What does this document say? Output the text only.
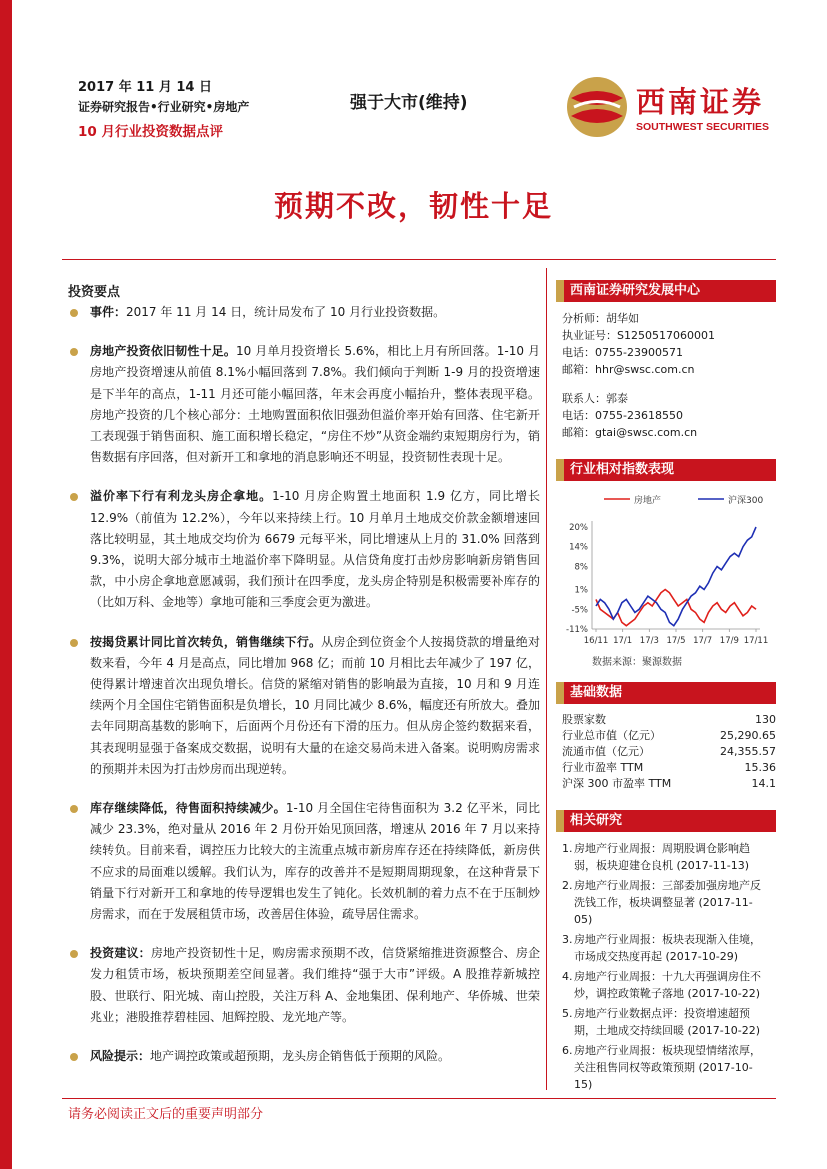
2017 年 11 月 14 日
证券研究报告•行业研究•房地产
10 月行业投资数据点评
强于大市(维持)	西南证券
SOUTHWEST SECURITIES
预期不改，韧性十足
投资要点
事件：2017 年 11 月 14 日，统计局发布了 10 月行业投资数据。
房地产投资依旧韧性十足。10 月单月投资增长 5.6%，相比上月有所回落。1-10 月房地产投资增速从前值 8.1%小幅回落到 7.8%。我们倾向于判断 1-9 月的投资增速是下半年的高点，1-11 月还可能小幅回落，年末会再度小幅抬升，整体表现平稳。房地产投资的几个核心部分：土地购置面积依旧强劲但溢价率开始有回落、住宅新开工表现强于销售面积、施工面积增长稳定，“房住不炒”从资金端约束短期房行为，销售数据有序回落，但对新开工和拿地的消息影响还不明显，投资韧性表现十足。
溢价率下行有利龙头房企拿地。1-10 月房企购置土地面积 1.9 亿方，同比增长 12.9%（前值为 12.2%），今年以来持续上行。10 月单月土地成交价款金额增速回落比较明显，其土地成交均价为 6679 元每平米，同比增速从上月的 31.0% 回落到 9.3%，说明大部分城市土地溢价率下降明显。从信贷角度打击炒房影响新房销售回款，中小房企拿地意愿减弱，我们预计在四季度，龙头房企特别是积极需要补库存的（比如万科、金地等）拿地可能和三季度会更为激进。
按揭贷累计同比首次转负，销售继续下行。从房企到位资金个人按揭贷款的增量绝对数来看，今年 4 月是高点，同比增加 968 亿；而前 10 月相比去年减少了 197 亿，使得累计增速首次出现负增长。信贷的紧缩对销售的影响最为直接，10 月和 9 月连续两个月全国住宅销售面积是负增长，10 月同比减少 8.6%，幅度还有所放大。叠加去年同期高基数的影响下，后面两个月份还有下滑的压力。但从房企签约数据来看，其表现明显强于备案成交数据，说明有大量的在途交易尚未进入备案。说明购房需求的预期并未因为打击炒房而出现逆转。
库存继续降低，待售面积持续减少。1-10 月全国住宅待售面积为 3.2 亿平米，同比减少 23.3%，绝对量从 2016 年 2 月份开始见顶回落，增速从 2016 年 7 月以来持续转负。目前来看，调控压力比较大的主流重点城市新房库存还在持续降低，新房供不应求的局面难以缓解。我们认为，库存的改善并不是短期周期现象，在这种背景下销量下行对新开工和拿地的传导逻辑也发生了钝化。长效机制的着力点不在于压制炒房需求，而在于发展租赁市场，改善居住体验，疏导居住需求。
投资建议：房地产投资韧性十足，购房需求预期不改，信贷紧缩推进资源整合、房企发力租赁市场，板块预期差空间显著。我们维持“强于大市”评级。A 股推荐新城控股、世联行、阳光城、南山控股，关注万科 A、金地集团、保利地产、华侨城、世荣兆业；港股推荐碧桂园、旭辉控股、龙光地产等。
风险提示：地产调控政策或超预期，龙头房企销售低于预期的风险。
西南证券研究发展中心
分析师：胡华如
执业证号：S1250517060001
电话：0755-23900571
邮箱：hhr@swsc.com.cn
联系人：郭泰
电话：0755-23618550
邮箱：gtai@swsc.com.cn
行业相对指数表现
房地产	沪深300
20%
14%
8%
1%
-5%
-11%
16/11 17/1 17/3 17/5 17/7 17/9 17/11
数据来源：聚源数据
基础数据
股票家数	130
行业总市值（亿元）	25,290.65
流通市值（亿元）	24,355.57
行业市盈率 TTM	15.36
沪深 300 市盈率 TTM	14.1
相关研究
1. 房地产行业周报：周期股调仓影响趋弱，板块迎建仓良机 (2017-11-13)
2. 房地产行业周报：三部委加强房地产反洗钱工作，板块调整显著 (2017-11-05)
3. 房地产行业周报：板块表现渐入佳境，市场成交热度再起 (2017-10-29)
4. 房地产行业周报：十九大再强调房住不炒，调控政策靴子落地 (2017-10-22)
5. 房地产行业数据点评：投资增速超预期，土地成交持续回暖 (2017-10-22)
6. 房地产行业周报：板块现望情绪浓厚，关注租售同权等政策预期 (2017-10-15)
请务必阅读正文后的重要声明部分
